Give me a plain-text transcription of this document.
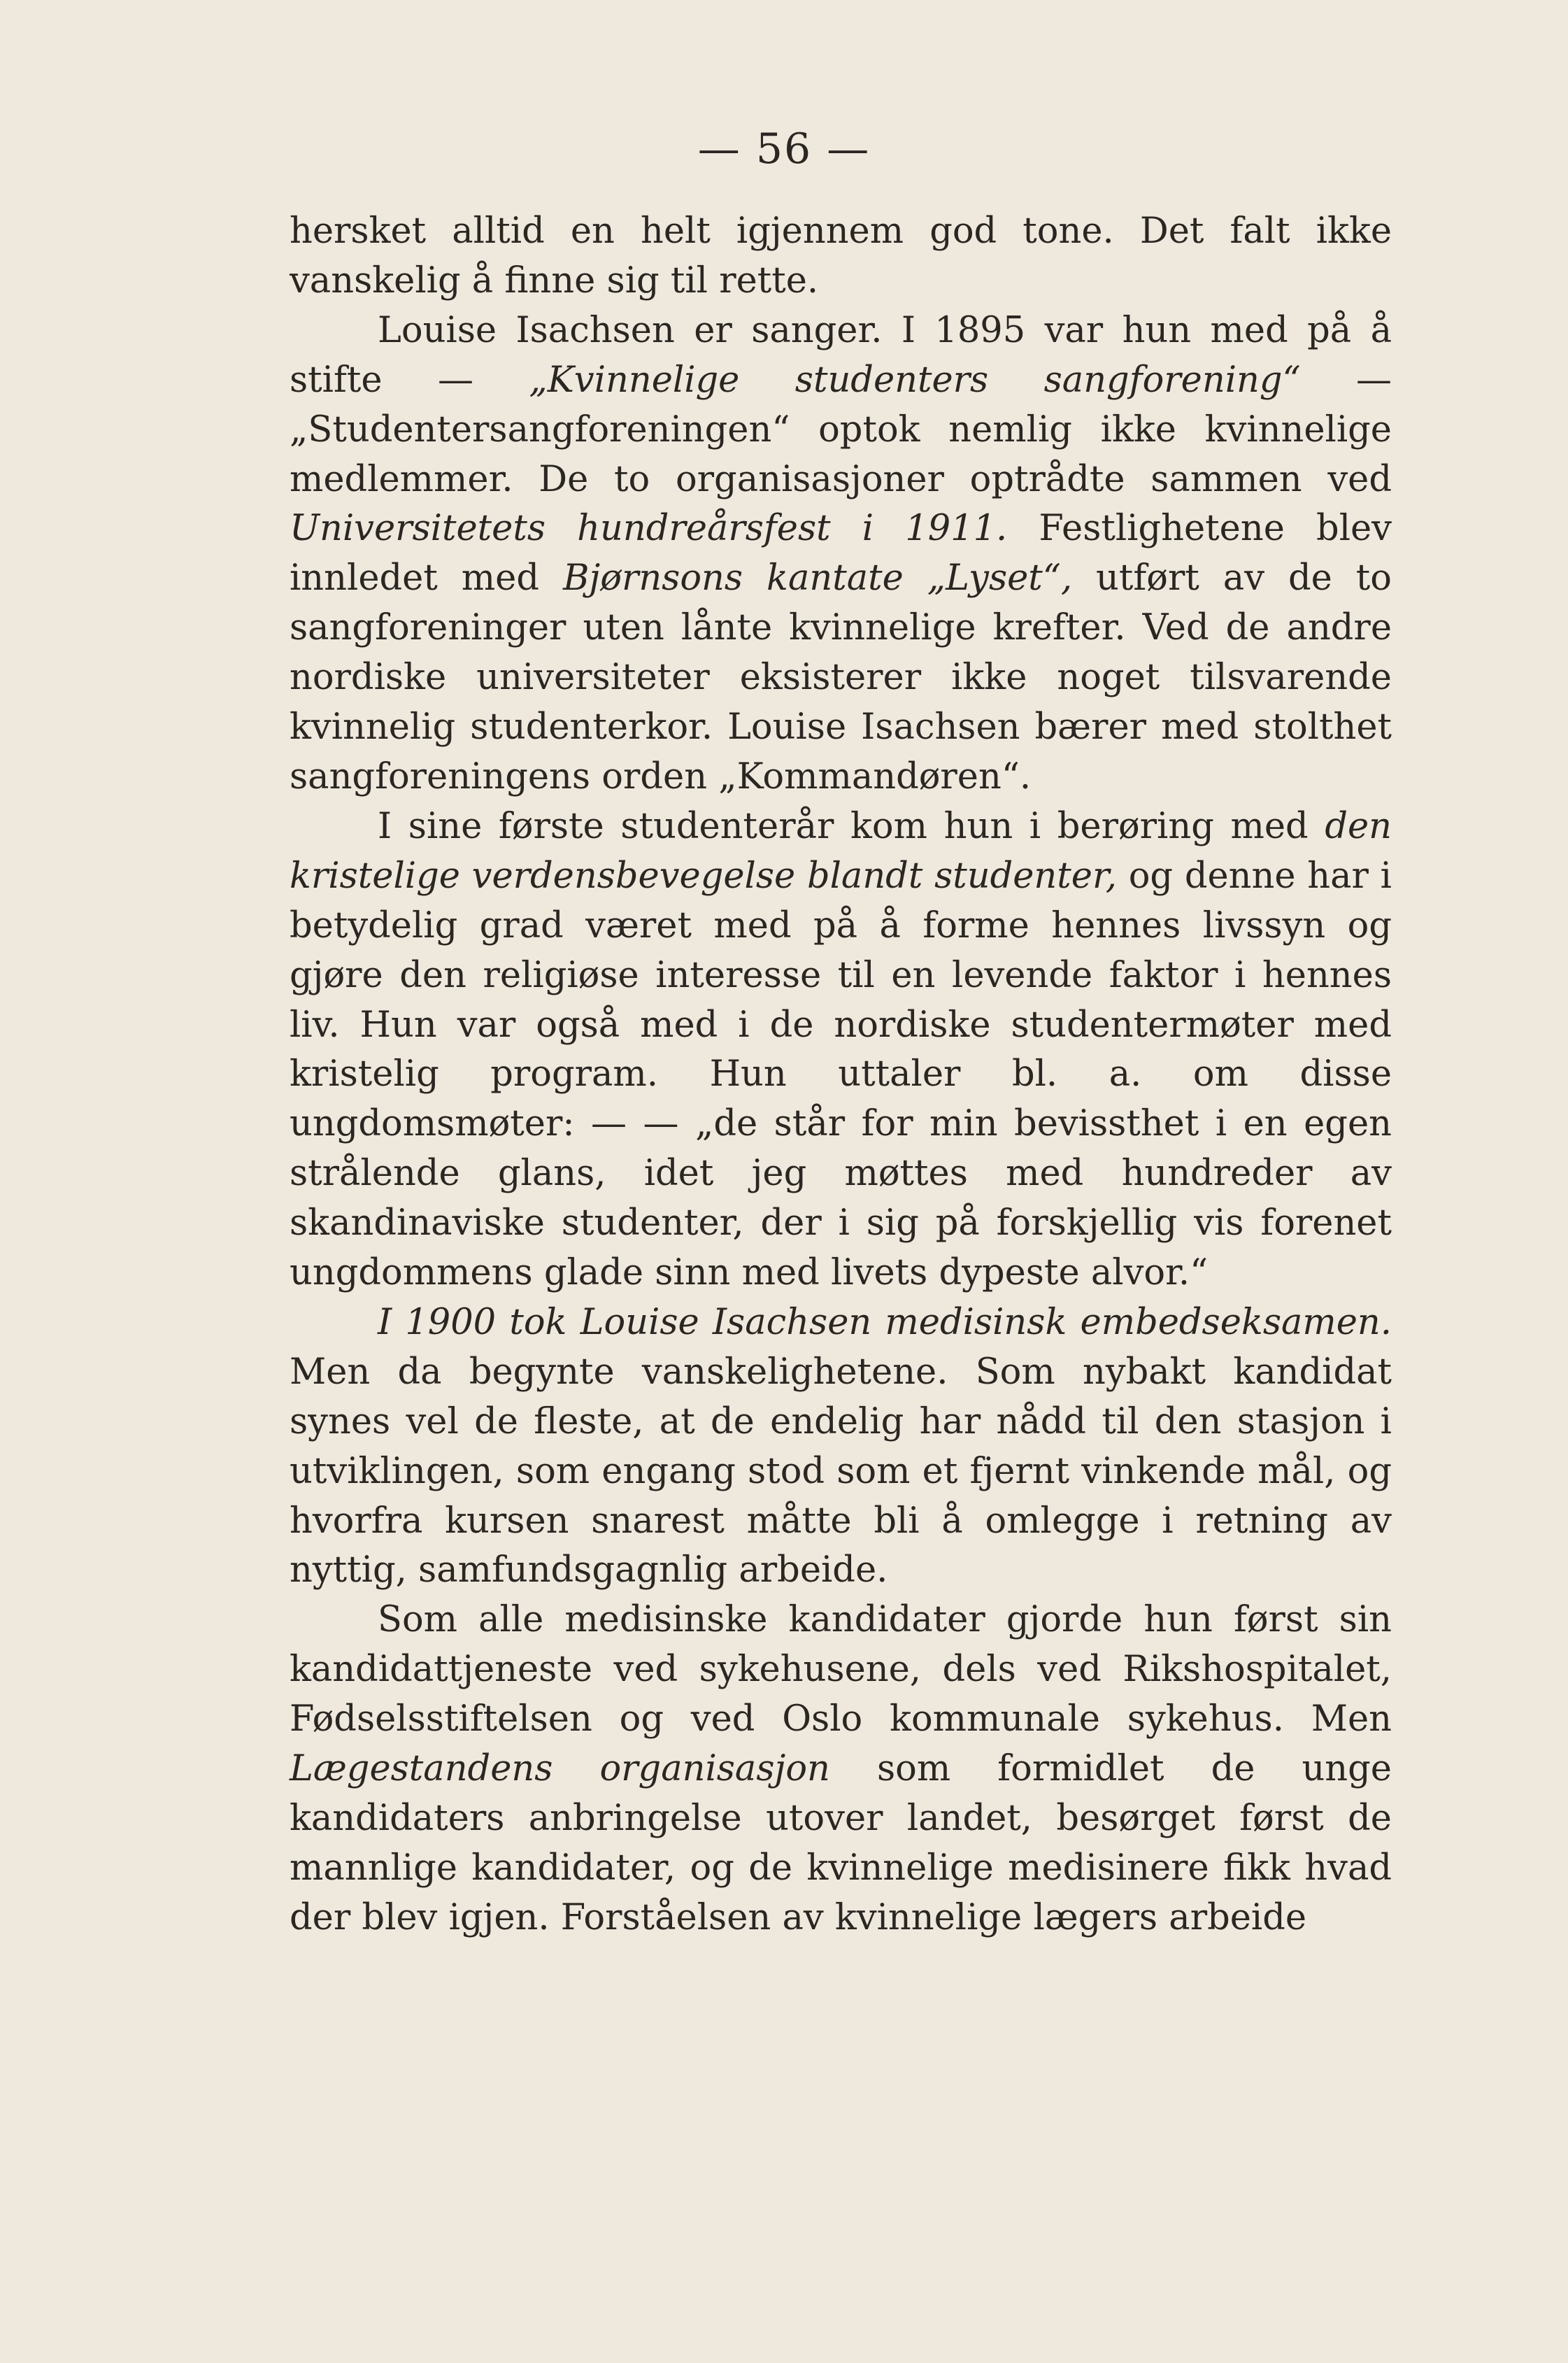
— 56 —

hersket alltid en helt igjennem god tone. Det falt ikke vanskelig å finne sig til rette.

Louise Isachsen er sanger. I 1895 var hun med på å stifte — „Kvinnelige studenters sangforening“ — „Studentersangforeningen“ optok nemlig ikke kvinnelige medlemmer. De to organisasjoner optrådte sammen ved Universitetets hundreårsfest i 1911. Festlighetene blev innledet med Bjørnsons kantate „Lyset“, utført av de to sangforeninger uten lånte kvinnelige krefter. Ved de andre nordiske universiteter eksisterer ikke noget tilsvarende kvinnelig studenterkor. Louise Isachsen bærer med stolthet sangforeningens orden „Kommandøren“.

I sine første studenterår kom hun i berøring med den kristelige verdensbevegelse blandt studenter, og denne har i betydelig grad været med på å forme hennes livssyn og gjøre den religiøse interesse til en levende faktor i hennes liv. Hun var også med i de nordiske studentermøter med kristelig program. Hun uttaler bl. a. om disse ungdomsmøter: — — „de står for min bevissthet i en egen strålende glans, idet jeg møttes med hundreder av skandinaviske studenter, der i sig på forskjellig vis forenet ungdommens glade sinn med livets dypeste alvor.“

I 1900 tok Louise Isachsen medisinsk embedseksamen. Men da begynte vanskelighetene. Som nybakt kandidat synes vel de fleste, at de endelig har nådd til den stasjon i utviklingen, som engang stod som et fjernt vinkende mål, og hvorfra kursen snarest måtte bli å omlegge i retning av nyttig, samfundsgagnlig arbeide.

Som alle medisinske kandidater gjorde hun først sin kandidattjeneste ved sykehusene, dels ved Rikshospitalet, Fødselsstiftelsen og ved Oslo kommunale sykehus. Men Lægestandens organisasjon som formidlet de unge kandidaters anbringelse utover landet, besørget først de mannlige kandidater, og de kvinnelige medisinere fikk hvad der blev igjen. Forståelsen av kvinnelige lægers arbeide
